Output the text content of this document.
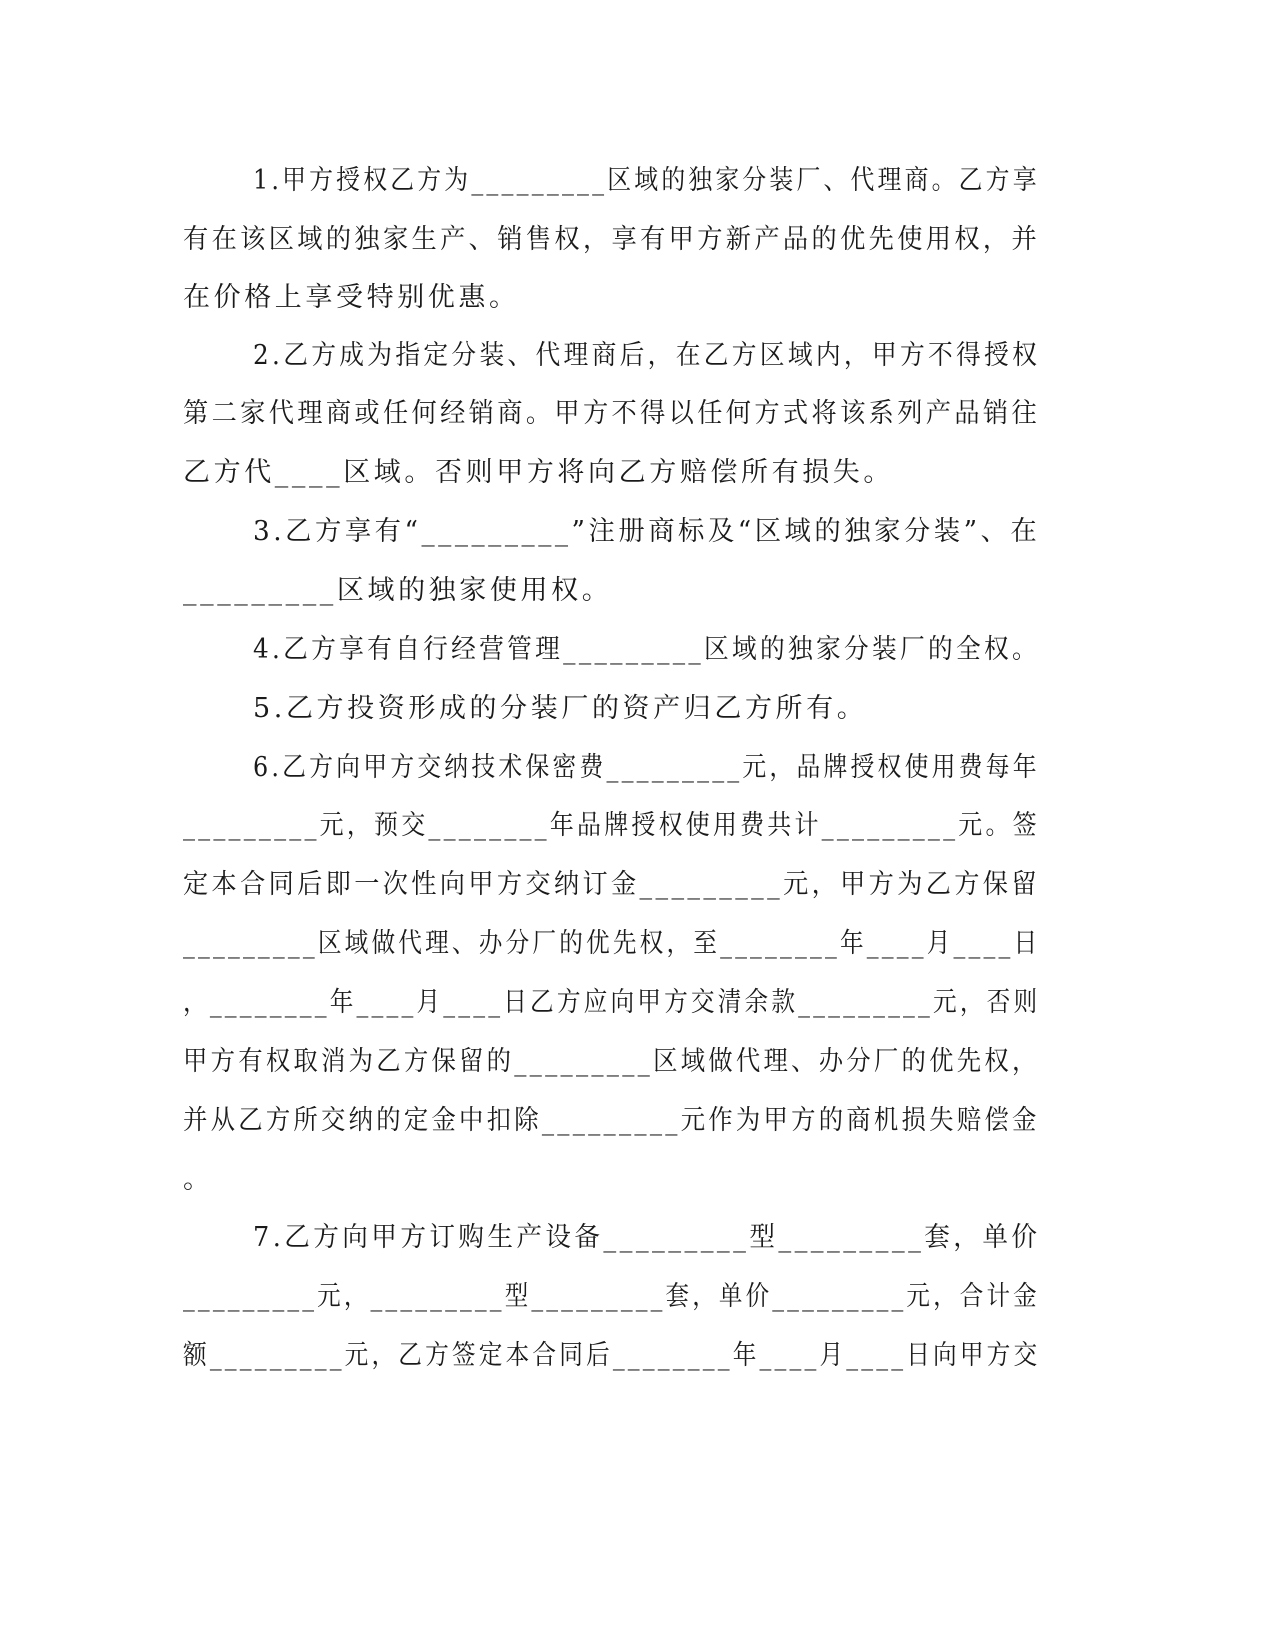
1.甲方授权乙方为_________区域的独家分装厂、代理商。乙方享
有在该区域的独家生产、销售权，享有甲方新产品的优先使用权，并
在价格上享受特别优惠。
2.乙方成为指定分装、代理商后，在乙方区域内，甲方不得授权
第二家代理商或任何经销商。甲方不得以任何方式将该系列产品销往
乙方代____区域。否则甲方将向乙方赔偿所有损失。
3.乙方享有“_________”注册商标及“区域的独家分装”、在
_________区域的独家使用权。
4.乙方享有自行经营管理_________区域的独家分装厂的全权。
5.乙方投资形成的分装厂的资产归乙方所有。
6.乙方向甲方交纳技术保密费_________元，品牌授权使用费每年
_________元，预交________年品牌授权使用费共计_________元。签
定本合同后即一次性向甲方交纳订金_________元，甲方为乙方保留
_________区域做代理、办分厂的优先权，至________年____月____日
，________年____月____日乙方应向甲方交清余款_________元，否则
甲方有权取消为乙方保留的_________区域做代理、办分厂的优先权，
并从乙方所交纳的定金中扣除_________元作为甲方的商机损失赔偿金
。
7.乙方向甲方订购生产设备_________型_________套，单价
_________元，_________型_________套，单价_________元，合计金
额_________元，乙方签定本合同后________年____月____日向甲方交
